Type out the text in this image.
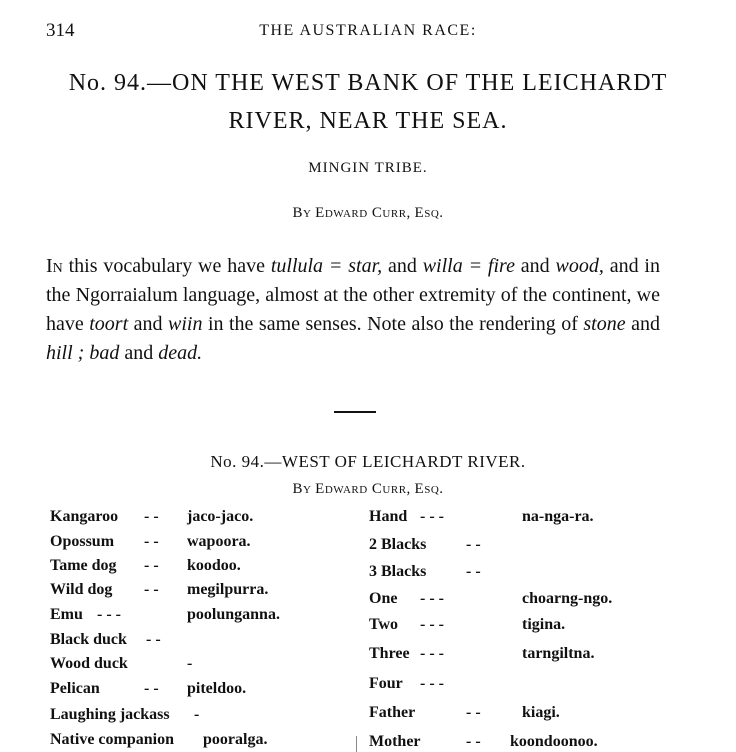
314	THE AUSTRALIAN RACE:
No. 94.—ON THE WEST BANK OF THE LEICHARDT
RIVER, NEAR THE SEA.
MINGIN TRIBE.
By Edward Curr, Esq.
In this vocabulary we have tullula = star, and willa = fire and wood, and in the Ngorraialum language, almost at the other extremity of the continent, we have toort and wiin in the same senses. Note also the rendering of stone and hill ; bad and dead.
No. 94.—WEST OF LEICHARDT RIVER.
By Edward Curr, Esq.
Kangaroo - - jaco-jaco.
Opossum - - wapoora.
Tame dog - - koodoo.
Wild dog - - megilpurra.
Emu - - -	poolunganna.
Black duck - -
Wood duck	-
Pelican	- - piteldoo.
Laughing jackass -
Native companion pooralga.
Hand - - -	na-nga-ra.
2 Blacks - -
3 Blacks - -
One - - -	choarng-ngo.
Two - - -	tigina.
Three - - -	tarngiltna.
Four - - -
Father	- -	kiagi.
Mother	- - koondoonoo.
